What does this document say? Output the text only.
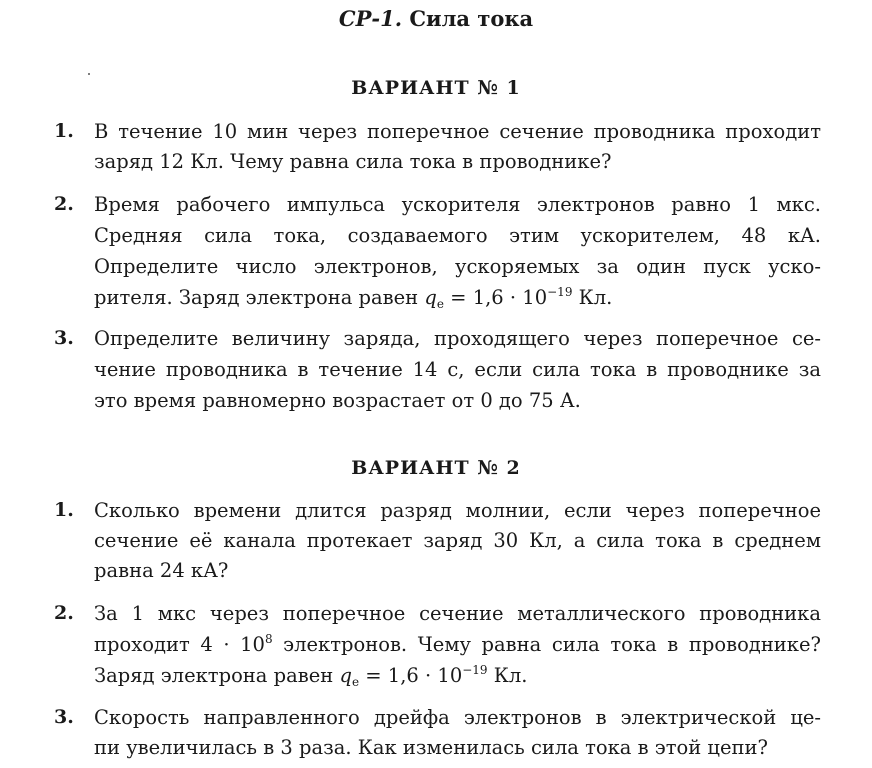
СР-1. Сила тока
ВАРИАНТ № 1
1. В течение 10 мин через поперечное сечение проводника проходит
заряд 12 Кл. Чему равна сила тока в проводнике?
2. Время рабочего импульса ускорителя электронов равно 1 мкс.
Средняя сила тока, создаваемого этим ускорителем, 48 кА.
Определите число электронов, ускоряемых за один пуск уско-
рителя. Заряд электрона равен $q_e = 1,6 \cdot 10^{-19}$ Кл.
3. Определите величину заряда, проходящего через поперечное се-
чение проводника в течение 14 с, если сила тока в проводнике за
это время равномерно возрастает от 0 до 75 А.
ВАРИАНТ № 2
1. Сколько времени длится разряд молнии, если через поперечное
сечение её канала протекает заряд 30 Кл, а сила тока в среднем
равна 24 кА?
2. За 1 мкс через поперечное сечение металлического проводника
проходит $4 \cdot 10^8$ электронов. Чему равна сила тока в проводнике?
Заряд электрона равен $q_e = 1,6 \cdot 10^{-19}$ Кл.
3. Скорость направленного дрейфа электронов в электрической це-
пи увеличилась в 3 раза. Как изменилась сила тока в этой цепи?
